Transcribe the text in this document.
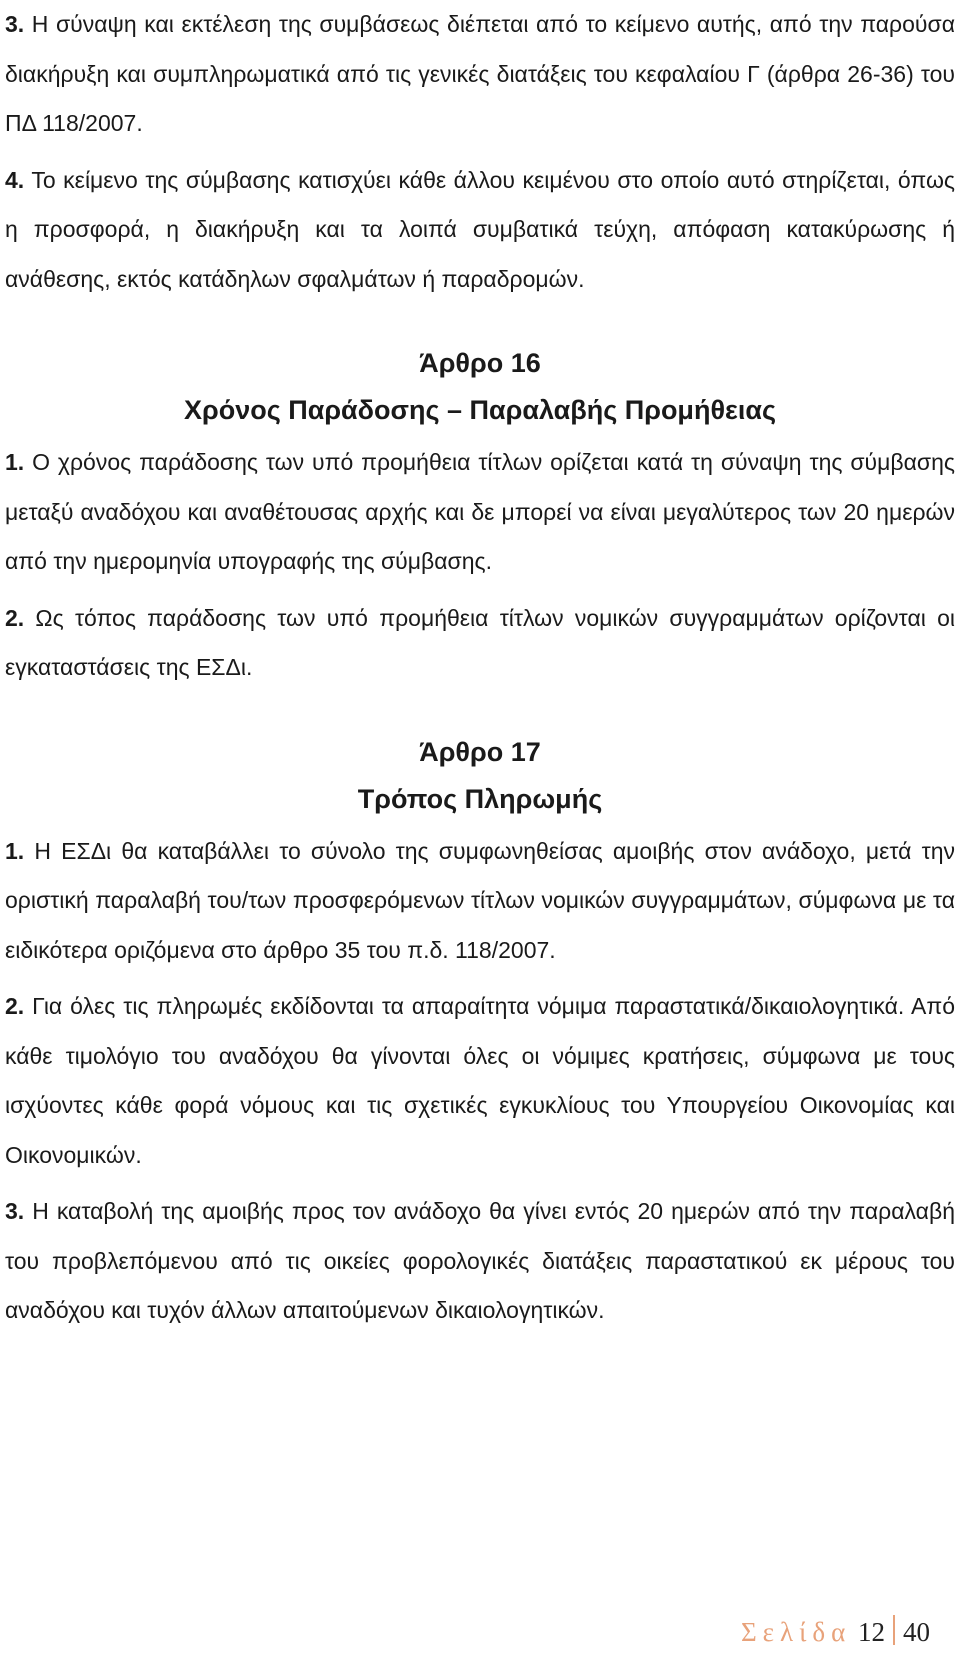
3. Η σύναψη και εκτέλεση της συμβάσεως διέπεται από το κείμενο αυτής, από την παρούσα διακήρυξη και συμπληρωματικά από τις γενικές διατάξεις του κεφαλαίου Γ (άρθρα 26-36) του ΠΔ 118/2007.

4. Το κείμενο της σύμβασης κατισχύει κάθε άλλου κειμένου στο οποίο αυτό στηρίζεται, όπως η προσφορά, η διακήρυξη και τα λοιπά συμβατικά τεύχη, απόφαση κατακύρωσης ή ανάθεσης, εκτός κατάδηλων σφαλμάτων ή παραδρομών.

Άρθρο 16

Χρόνος Παράδοσης – Παραλαβής Προμήθειας

1. Ο χρόνος παράδοσης των υπό προμήθεια τίτλων ορίζεται κατά τη σύναψη της σύμβασης μεταξύ αναδόχου και αναθέτουσας αρχής και δε μπορεί να είναι μεγαλύτερος των 20 ημερών από την ημερομηνία υπογραφής της σύμβασης.

2. Ως τόπος παράδοσης των υπό προμήθεια τίτλων νομικών συγγραμμάτων ορίζονται οι εγκαταστάσεις της ΕΣΔι.

Άρθρο 17

Τρόπος Πληρωμής

1. Η ΕΣΔι θα καταβάλλει το σύνολο της συμφωνηθείσας αμοιβής στον ανάδοχο, μετά την οριστική παραλαβή του/των προσφερόμενων τίτλων νομικών συγγραμμάτων, σύμφωνα με τα ειδικότερα οριζόμενα στο άρθρο 35 του π.δ. 118/2007.

2. Για όλες τις πληρωμές εκδίδονται τα απαραίτητα νόμιμα παραστατικά/δικαιολογητικά. Από κάθε τιμολόγιο του αναδόχου θα γίνονται όλες οι νόμιμες κρατήσεις, σύμφωνα με τους ισχύοντες κάθε φορά νόμους και τις σχετικές εγκυκλίους του Υπουργείου Οικονομίας και Οικονομικών.

3. Η καταβολή της αμοιβής προς τον ανάδοχο θα γίνει εντός 20 ημερών από την παραλαβή του προβλεπόμενου από τις οικείες φορολογικές διατάξεις παραστατικού εκ μέρους του αναδόχου και τυχόν άλλων απαιτούμενων δικαιολογητικών.

Σελίδα 12 40
